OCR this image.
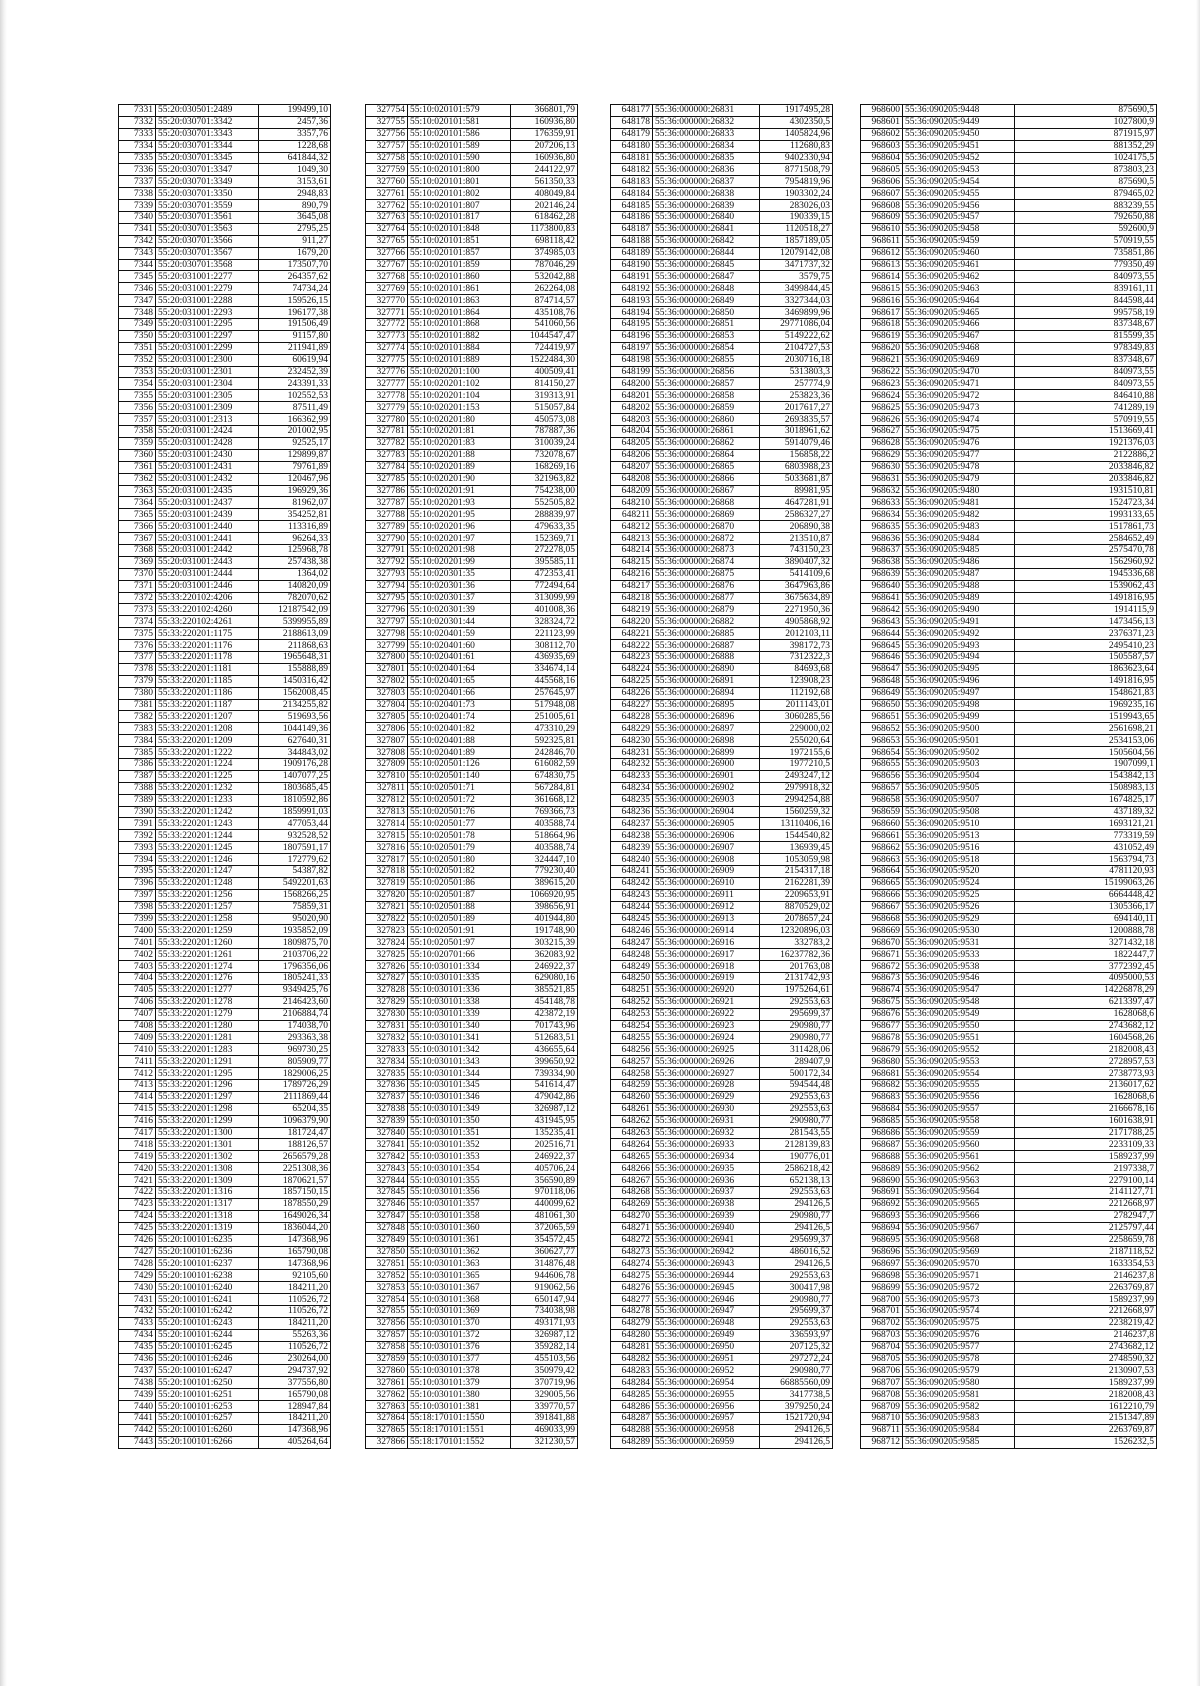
7331	55:20:030501:2489	199499,10
7332	55:20:030701:3342	2457,36
7333	55:20:030701:3343	3357,76
7334	55:20:030701:3344	1228,68
7335	55:20:030701:3345	641844,32
7336	55:20:030701:3347	1049,30
7337	55:20:030701:3349	3153,61
7338	55:20:030701:3350	2948,83
7339	55:20:030701:3559	890,79
7340	55:20:030701:3561	3645,08
7341	55:20:030701:3563	2795,25
7342	55:20:030701:3566	911,27
7343	55:20:030701:3567	1679,20
7344	55:20:030701:3568	173507,70
7345	55:20:031001:2277	264357,62
7346	55:20:031001:2279	74734,24
7347	55:20:031001:2288	159526,15
7348	55:20:031001:2293	196177,38
7349	55:20:031001:2295	191506,49
7350	55:20:031001:2297	91157,80
7351	55:20:031001:2299	211941,89
7352	55:20:031001:2300	60619,94
7353	55:20:031001:2301	232452,39
7354	55:20:031001:2304	243391,33
7355	55:20:031001:2305	102552,53
7356	55:20:031001:2309	87511,49
7357	55:20:031001:2313	166362,99
7358	55:20:031001:2424	201002,95
7359	55:20:031001:2428	92525,17
7360	55:20:031001:2430	129899,87
7361	55:20:031001:2431	79761,89
7362	55:20:031001:2432	120467,96
7363	55:20:031001:2435	196929,36
7364	55:20:031001:2437	81962,07
7365	55:20:031001:2439	354252,81
7366	55:20:031001:2440	113316,89
7367	55:20:031001:2441	96264,33
7368	55:20:031001:2442	125968,78
7369	55:20:031001:2443	257438,38
7370	55:20:031001:2444	1364,02
7371	55:20:031001:2446	140820,09
7372	55:33:220102:4206	782070,62
7373	55:33:220102:4260	12187542,09
7374	55:33:220102:4261	5399955,89
7375	55:33:220201:1175	2188613,09
7376	55:33:220201:1176	211868,63
7377	55:33:220201:1178	1965648,31
7378	55:33:220201:1181	155888,89
7379	55:33:220201:1185	1450316,42
7380	55:33:220201:1186	1562008,45
7381	55:33:220201:1187	2134255,82
7382	55:33:220201:1207	519693,56
7383	55:33:220201:1208	1044149,36
7384	55:33:220201:1209	627640,31
7385	55:33:220201:1222	344843,02
7386	55:33:220201:1224	1909176,28
7387	55:33:220201:1225	1407077,25
7388	55:33:220201:1232	1803685,45
7389	55:33:220201:1233	1810592,86
7390	55:33:220201:1242	1859991,03
7391	55:33:220201:1243	477053,44
7392	55:33:220201:1244	932528,52
7393	55:33:220201:1245	1807591,17
7394	55:33:220201:1246	172779,62
7395	55:33:220201:1247	54387,82
7396	55:33:220201:1248	5492201,63
7397	55:33:220201:1256	1568266,25
7398	55:33:220201:1257	75859,31
7399	55:33:220201:1258	95020,90
7400	55:33:220201:1259	1935852,09
7401	55:33:220201:1260	1809875,70
7402	55:33:220201:1261	2103706,22
7403	55:33:220201:1274	1796356,06
7404	55:33:220201:1276	1805241,33
7405	55:33:220201:1277	9349425,76
7406	55:33:220201:1278	2146423,60
7407	55:33:220201:1279	2106884,74
7408	55:33:220201:1280	174038,70
7409	55:33:220201:1281	293363,38
7410	55:33:220201:1283	969730,25
7411	55:33:220201:1291	805909,77
7412	55:33:220201:1295	1829006,25
7413	55:33:220201:1296	1789726,29
7414	55:33:220201:1297	2111869,44
7415	55:33:220201:1298	65204,35
7416	55:33:220201:1299	1096379,90
7417	55:33:220201:1300	181724,47
7418	55:33:220201:1301	188126,57
7419	55:33:220201:1302	2656579,28
7420	55:33:220201:1308	2251308,36
7421	55:33:220201:1309	1870621,57
7422	55:33:220201:1316	1857150,15
7423	55:33:220201:1317	1878550,29
7424	55:33:220201:1318	1649026,34
7425	55:33:220201:1319	1836044,20
7426	55:20:100101:6235	147368,96
7427	55:20:100101:6236	165790,08
7428	55:20:100101:6237	147368,96
7429	55:20:100101:6238	92105,60
7430	55:20:100101:6240	184211,20
7431	55:20:100101:6241	110526,72
7432	55:20:100101:6242	110526,72
7433	55:20:100101:6243	184211,20
7434	55:20:100101:6244	55263,36
7435	55:20:100101:6245	110526,72
7436	55:20:100101:6246	230264,00
7437	55:20:100101:6247	294737,92
7438	55:20:100101:6250	377556,80
7439	55:20:100101:6251	165790,08
7440	55:20:100101:6253	128947,84
7441	55:20:100101:6257	184211,20
7442	55:20:100101:6260	147368,96
7443	55:20:100101:6266	405264,64
327754	55:10:020101:579	366801,79
327755	55:10:020101:581	160936,80
327756	55:10:020101:586	176359,91
327757	55:10:020101:589	207206,13
327758	55:10:020101:590	160936,80
327759	55:10:020101:800	244122,97
327760	55:10:020101:801	561350,33
327761	55:10:020101:802	408049,84
327762	55:10:020101:807	202146,24
327763	55:10:020101:817	618462,28
327764	55:10:020101:848	1173800,83
327765	55:10:020101:851	698118,42
327766	55:10:020101:857	374985,03
327767	55:10:020101:859	787046,29
327768	55:10:020101:860	532042,88
327769	55:10:020101:861	262264,08
327770	55:10:020101:863	874714,57
327771	55:10:020101:864	435108,76
327772	55:10:020101:868	541060,56
327773	55:10:020101:882	1044547,47
327774	55:10:020101:884	724419,97
327775	55:10:020101:889	1522484,30
327776	55:10:020201:100	400509,41
327777	55:10:020201:102	814150,27
327778	55:10:020201:104	319313,91
327779	55:10:020201:153	515057,84
327780	55:10:020201:80	450573,08
327781	55:10:020201:81	787887,36
327782	55:10:020201:83	310039,24
327783	55:10:020201:88	732078,67
327784	55:10:020201:89	168269,16
327785	55:10:020201:90	321963,82
327786	55:10:020201:91	754238,00
327787	55:10:020201:93	552505,82
327788	55:10:020201:95	288839,97
327789	55:10:020201:96	479633,35
327790	55:10:020201:97	152369,71
327791	55:10:020201:98	272278,05
327792	55:10:020201:99	395585,11
327793	55:10:020301:35	472353,41
327794	55:10:020301:36	772494,64
327795	55:10:020301:37	313099,99
327796	55:10:020301:39	401008,36
327797	55:10:020301:44	328324,72
327798	55:10:020401:59	221123,99
327799	55:10:020401:60	308112,70
327800	55:10:020401:61	436935,69
327801	55:10:020401:64	334674,14
327802	55:10:020401:65	445568,16
327803	55:10:020401:66	257645,97
327804	55:10:020401:73	517948,08
327805	55:10:020401:74	251005,61
327806	55:10:020401:82	473310,29
327807	55:10:020401:88	592325,81
327808	55:10:020401:89	242846,70
327809	55:10:020501:126	616082,59
327810	55:10:020501:140	674830,75
327811	55:10:020501:71	567284,81
327812	55:10:020501:72	361668,12
327813	55:10:020501:76	769366,73
327814	55:10:020501:77	403588,74
327815	55:10:020501:78	518664,96
327816	55:10:020501:79	403588,74
327817	55:10:020501:80	324447,10
327818	55:10:020501:82	779230,40
327819	55:10:020501:86	389615,20
327820	55:10:020501:87	1066920,95
327821	55:10:020501:88	398656,91
327822	55:10:020501:89	401944,80
327823	55:10:020501:91	191748,90
327824	55:10:020501:97	303215,39
327825	55:10:020701:66	362083,92
327826	55:10:030101:334	246922,37
327827	55:10:030101:335	629080,16
327828	55:10:030101:336	385521,85
327829	55:10:030101:338	454148,78
327830	55:10:030101:339	423872,19
327831	55:10:030101:340	701743,96
327832	55:10:030101:341	512683,51
327833	55:10:030101:342	436655,64
327834	55:10:030101:343	399650,92
327835	55:10:030101:344	739334,90
327836	55:10:030101:345	541614,47
327837	55:10:030101:346	479042,86
327838	55:10:030101:349	326987,12
327839	55:10:030101:350	431945,95
327840	55:10:030101:351	135235,41
327841	55:10:030101:352	202516,71
327842	55:10:030101:353	246922,37
327843	55:10:030101:354	405706,24
327844	55:10:030101:355	356590,89
327845	55:10:030101:356	970118,06
327846	55:10:030101:357	440099,62
327847	55:10:030101:358	481061,30
327848	55:10:030101:360	372065,59
327849	55:10:030101:361	354572,45
327850	55:10:030101:362	360627,77
327851	55:10:030101:363	314876,48
327852	55:10:030101:365	944606,78
327853	55:10:030101:367	919062,56
327854	55:10:030101:368	650147,94
327855	55:10:030101:369	734038,98
327856	55:10:030101:370	493171,93
327857	55:10:030101:372	326987,12
327858	55:10:030101:376	359282,14
327859	55:10:030101:377	455103,56
327860	55:10:030101:378	350979,42
327861	55:10:030101:379	370719,96
327862	55:10:030101:380	329005,56
327863	55:10:030101:381	339770,57
327864	55:18:170101:1550	391841,88
327865	55:18:170101:1551	469033,99
327866	55:18:170101:1552	321230,57
648177	55:36:000000:26831	1917495,28
648178	55:36:000000:26832	4302350,5
648179	55:36:000000:26833	1405824,96
648180	55:36:000000:26834	112680,83
648181	55:36:000000:26835	9402330,94
648182	55:36:000000:26836	8771508,79
648183	55:36:000000:26837	7954819,96
648184	55:36:000000:26838	1903302,24
648185	55:36:000000:26839	283026,03
648186	55:36:000000:26840	190339,15
648187	55:36:000000:26841	1120518,27
648188	55:36:000000:26842	1857189,05
648189	55:36:000000:26844	12079142,08
648190	55:36:000000:26845	3471737,32
648191	55:36:000000:26847	3579,75
648192	55:36:000000:26848	3499844,45
648193	55:36:000000:26849	3327344,03
648194	55:36:000000:26850	3469899,96
648195	55:36:000000:26851	29771086,04
648196	55:36:000000:26853	5149222,62
648197	55:36:000000:26854	2104727,53
648198	55:36:000000:26855	2030716,18
648199	55:36:000000:26856	5313803,3
648200	55:36:000000:26857	257774,9
648201	55:36:000000:26858	253823,36
648202	55:36:000000:26859	2017617,27
648203	55:36:000000:26860	2693835,57
648204	55:36:000000:26861	3018961,62
648205	55:36:000000:26862	5914079,46
648206	55:36:000000:26864	156858,22
648207	55:36:000000:26865	6803988,23
648208	55:36:000000:26866	5033681,87
648209	55:36:000000:26867	89981,95
648210	55:36:000000:26868	4647281,91
648211	55:36:000000:26869	2586327,27
648212	55:36:000000:26870	206890,38
648213	55:36:000000:26872	213510,87
648214	55:36:000000:26873	743150,23
648215	55:36:000000:26874	3890407,32
648216	55:36:000000:26875	5414109,6
648217	55:36:000000:26876	3647963,86
648218	55:36:000000:26877	3675634,89
648219	55:36:000000:26879	2271950,36
648220	55:36:000000:26882	4905868,92
648221	55:36:000000:26885	2012103,11
648222	55:36:000000:26887	398172,73
648223	55:36:000000:26888	7312322,3
648224	55:36:000000:26890	84693,68
648225	55:36:000000:26891	123908,23
648226	55:36:000000:26894	112192,68
648227	55:36:000000:26895	2011143,01
648228	55:36:000000:26896	3060285,56
648229	55:36:000000:26897	229000,02
648230	55:36:000000:26898	255020,64
648231	55:36:000000:26899	1972155,6
648232	55:36:000000:26900	1977210,5
648233	55:36:000000:26901	2493247,12
648234	55:36:000000:26902	2979918,32
648235	55:36:000000:26903	2994254,88
648236	55:36:000000:26904	1560259,32
648237	55:36:000000:26905	13110406,16
648238	55:36:000000:26906	1544540,82
648239	55:36:000000:26907	136939,45
648240	55:36:000000:26908	1053059,98
648241	55:36:000000:26909	2154317,18
648242	55:36:000000:26910	2162281,39
648243	55:36:000000:26911	2209653,91
648244	55:36:000000:26912	8870529,02
648245	55:36:000000:26913	2078657,24
648246	55:36:000000:26914	12320896,03
648247	55:36:000000:26916	332783,2
648248	55:36:000000:26917	16237782,36
648249	55:36:000000:26918	201763,08
648250	55:36:000000:26919	2131742,93
648251	55:36:000000:26920	1975264,61
648252	55:36:000000:26921	292553,63
648253	55:36:000000:26922	295699,37
648254	55:36:000000:26923	290980,77
648255	55:36:000000:26924	290980,77
648256	55:36:000000:26925	311428,06
648257	55:36:000000:26926	289407,9
648258	55:36:000000:26927	500172,34
648259	55:36:000000:26928	594544,48
648260	55:36:000000:26929	292553,63
648261	55:36:000000:26930	292553,63
648262	55:36:000000:26931	290980,77
648263	55:36:000000:26932	281543,55
648264	55:36:000000:26933	2128139,83
648265	55:36:000000:26934	190776,01
648266	55:36:000000:26935	2586218,42
648267	55:36:000000:26936	652138,13
648268	55:36:000000:26937	292553,63
648269	55:36:000000:26938	294126,5
648270	55:36:000000:26939	290980,77
648271	55:36:000000:26940	294126,5
648272	55:36:000000:26941	295699,37
648273	55:36:000000:26942	486016,52
648274	55:36:000000:26943	294126,5
648275	55:36:000000:26944	292553,63
648276	55:36:000000:26945	300417,98
648277	55:36:000000:26946	290980,77
648278	55:36:000000:26947	295699,37
648279	55:36:000000:26948	292553,63
648280	55:36:000000:26949	336593,97
648281	55:36:000000:26950	207125,32
648282	55:36:000000:26951	297272,24
648283	55:36:000000:26952	290980,77
648284	55:36:000000:26954	66885560,09
648285	55:36:000000:26955	3417738,5
648286	55:36:000000:26956	3979250,24
648287	55:36:000000:26957	1521720,94
648288	55:36:000000:26958	294126,5
648289	55:36:000000:26959	294126,5
968600	55:36:090205:9448	875690,5
968601	55:36:090205:9449	1027800,9
968602	55:36:090205:9450	871915,97
968603	55:36:090205:9451	881352,29
968604	55:36:090205:9452	1024175,5
968605	55:36:090205:9453	873803,23
968606	55:36:090205:9454	875690,5
968607	55:36:090205:9455	879465,02
968608	55:36:090205:9456	883239,55
968609	55:36:090205:9457	792650,88
968610	55:36:090205:9458	592600,9
968611	55:36:090205:9459	570919,55
968612	55:36:090205:9460	735851,86
968613	55:36:090205:9461	779350,49
968614	55:36:090205:9462	840973,55
968615	55:36:090205:9463	839161,11
968616	55:36:090205:9464	844598,44
968617	55:36:090205:9465	995758,19
968618	55:36:090205:9466	837348,67
968619	55:36:090205:9467	815599,35
968620	55:36:090205:9468	978349,83
968621	55:36:090205:9469	837348,67
968622	55:36:090205:9470	840973,55
968623	55:36:090205:9471	840973,55
968624	55:36:090205:9472	846410,88
968625	55:36:090205:9473	741289,19
968626	55:36:090205:9474	570919,55
968627	55:36:090205:9475	1513669,41
968628	55:36:090205:9476	1921376,03
968629	55:36:090205:9477	2122886,2
968630	55:36:090205:9478	2033846,82
968631	55:36:090205:9479	2033846,82
968632	55:36:090205:9480	1931510,81
968633	55:36:090205:9481	1524723,34
968634	55:36:090205:9482	1993133,65
968635	55:36:090205:9483	1517861,73
968636	55:36:090205:9484	2584652,49
968637	55:36:090205:9485	2575470,78
968638	55:36:090205:9486	1562960,92
968639	55:36:090205:9487	1945336,68
968640	55:36:090205:9488	1539062,43
968641	55:36:090205:9489	1491816,95
968642	55:36:090205:9490	1914115,9
968643	55:36:090205:9491	1473456,13
968644	55:36:090205:9492	2376371,23
968645	55:36:090205:9493	2495410,23
968646	55:36:090205:9494	1505587,57
968647	55:36:090205:9495	1863623,64
968648	55:36:090205:9496	1491816,95
968649	55:36:090205:9497	1548621,83
968650	55:36:090205:9498	1969235,16
968651	55:36:090205:9499	1519943,65
968652	55:36:090205:9500	2561698,21
968653	55:36:090205:9501	2534153,06
968654	55:36:090205:9502	1505604,56
968655	55:36:090205:9503	1907099,1
968656	55:36:090205:9504	1543842,13
968657	55:36:090205:9505	1508983,13
968658	55:36:090205:9507	1674825,17
968659	55:36:090205:9508	437189,32
968660	55:36:090205:9510	1693121,21
968661	55:36:090205:9513	773319,59
968662	55:36:090205:9516	431052,49
968663	55:36:090205:9518	1563794,73
968664	55:36:090205:9520	4781120,93
968665	55:36:090205:9524	15199063,26
968666	55:36:090205:9525	6664448,42
968667	55:36:090205:9526	1305366,17
968668	55:36:090205:9529	694140,11
968669	55:36:090205:9530	1200888,78
968670	55:36:090205:9531	3271432,18
968671	55:36:090205:9533	1822447,7
968672	55:36:090205:9538	3772392,45
968673	55:36:090205:9546	4095000,53
968674	55:36:090205:9547	14226878,29
968675	55:36:090205:9548	6213397,47
968676	55:36:090205:9549	1628068,6
968677	55:36:090205:9550	2743682,12
968678	55:36:090205:9551	1604568,26
968679	55:36:090205:9552	2182008,43
968680	55:36:090205:9553	2728957,53
968681	55:36:090205:9554	2738773,93
968682	55:36:090205:9555	2136017,62
968683	55:36:090205:9556	1628068,6
968684	55:36:090205:9557	2166678,16
968685	55:36:090205:9558	1601638,91
968686	55:36:090205:9559	2171788,25
968687	55:36:090205:9560	2233109,33
968688	55:36:090205:9561	1589237,99
968689	55:36:090205:9562	2197338,7
968690	55:36:090205:9563	2279100,14
968691	55:36:090205:9564	2141127,71
968692	55:36:090205:9565	2212668,97
968693	55:36:090205:9566	2782947,7
968694	55:36:090205:9567	2125797,44
968695	55:36:090205:9568	2258659,78
968696	55:36:090205:9569	2187118,52
968697	55:36:090205:9570	1633354,53
968698	55:36:090205:9571	2146237,8
968699	55:36:090205:9572	2263769,87
968700	55:36:090205:9573	1589237,99
968701	55:36:090205:9574	2212668,97
968702	55:36:090205:9575	2238219,42
968703	55:36:090205:9576	2146237,8
968704	55:36:090205:9577	2743682,12
968705	55:36:090205:9578	2748590,32
968706	55:36:090205:9579	2130907,53
968707	55:36:090205:9580	1589237,99
968708	55:36:090205:9581	2182008,43
968709	55:36:090205:9582	1612210,79
968710	55:36:090205:9583	2151347,89
968711	55:36:090205:9584	2263769,87
968712	55:36:090205:9585	1526232,5
